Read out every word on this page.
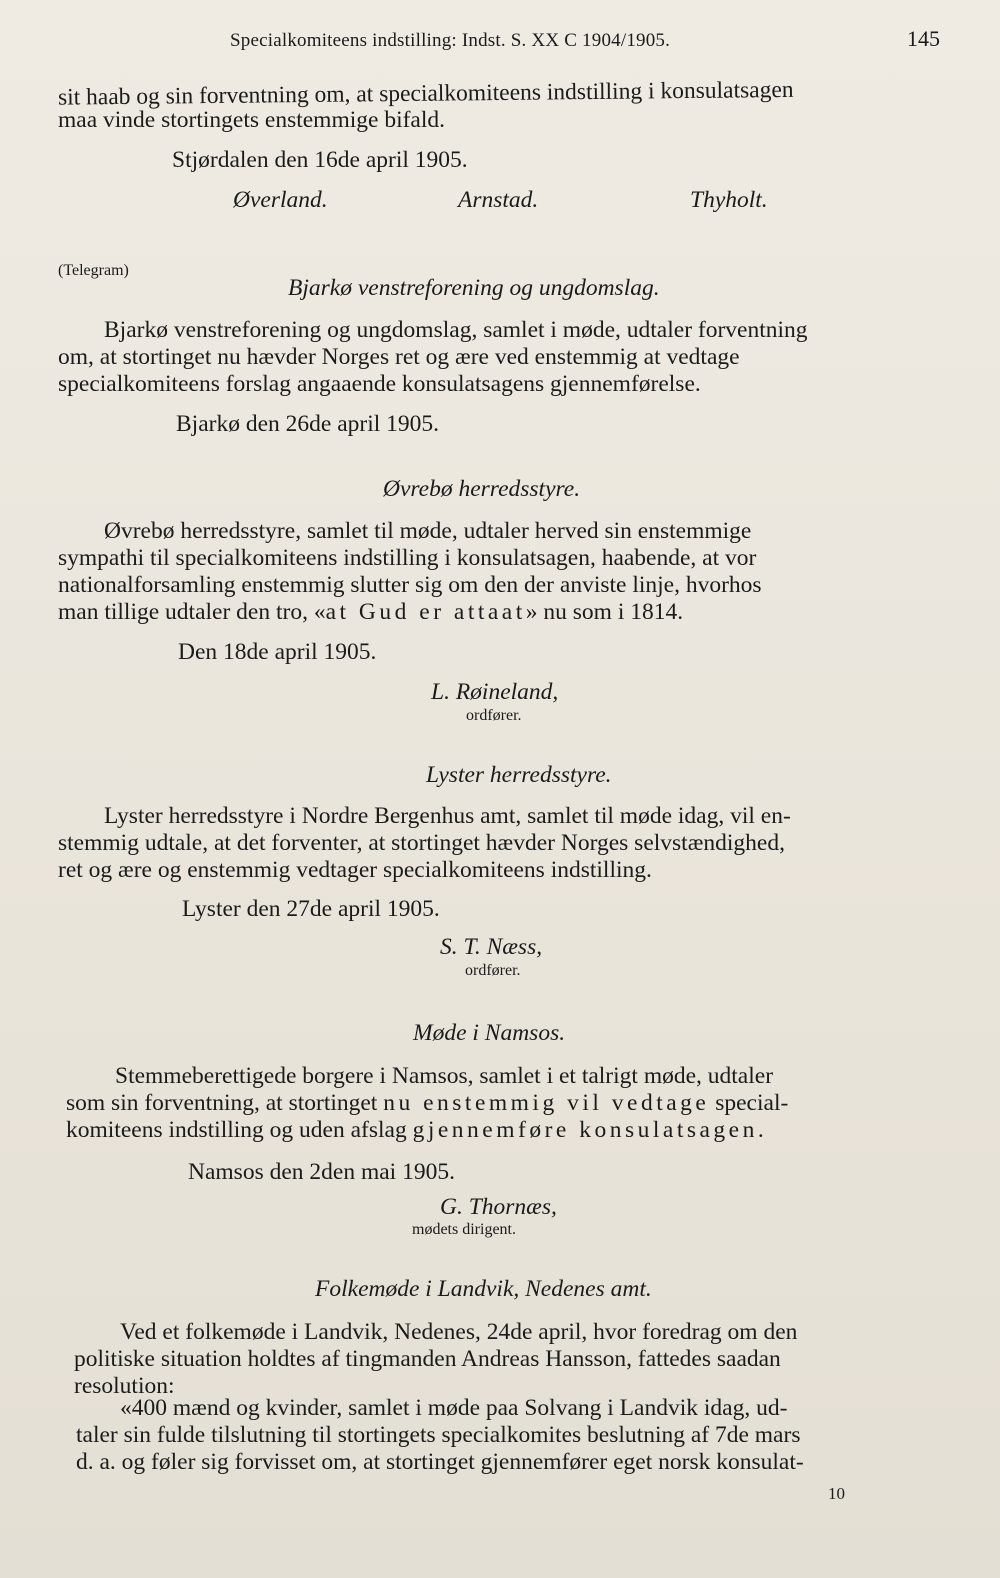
Specialkomiteens indstilling: Indst. S. XX C 1904/1905.	145
sit haab og sin forventning om, at specialkomiteens indstilling i konsulatsagen
maa vinde stortingets enstemmige bifald.
Stjørdalen den 16de april 1905.
Øverland.	Arnstad.	Thyholt.
(Telegram)
Bjarkø venstreforening og ungdomslag.
Bjarkø venstreforening og ungdomslag, samlet i møde, udtaler forventning
om, at stortinget nu hævder Norges ret og ære ved enstemmig at vedtage
specialkomiteens forslag angaaende konsulatsagens gjennemførelse.
Bjarkø den 26de april 1905.
Øvrebø herredsstyre.
Øvrebø herredsstyre, samlet til møde, udtaler herved sin enstemmige
sympathi til specialkomiteens indstilling i konsulatsagen, haabende, at vor
nationalforsamling enstemmig slutter sig om den der anviste linje, hvorhos
man tillige udtaler den tro, «at Gud er attaat» nu som i 1814.
Den 18de april 1905.
L. Røineland,
ordfører.
Lyster herredsstyre.
Lyster herredsstyre i Nordre Bergenhus amt, samlet til møde idag, vil en-
stemmig udtale, at det forventer, at stortinget hævder Norges selvstændighed,
ret og ære og enstemmig vedtager specialkomiteens indstilling.
Lyster den 27de april 1905.
S. T. Næss,
ordfører.
Møde i Namsos.
Stemmeberettigede borgere i Namsos, samlet i et talrigt møde, udtaler
som sin forventning, at stortinget nu enstemmig vil vedtage special-
komiteens indstilling og uden afslag gjennemføre konsulatsagen.
Namsos den 2den mai 1905.
G. Thornæs,
mødets dirigent.
Folkemøde i Landvik, Nedenes amt.
Ved et folkemøde i Landvik, Nedenes, 24de april, hvor foredrag om den
politiske situation holdtes af tingmanden Andreas Hansson, fattedes saadan
resolution:
«400 mænd og kvinder, samlet i møde paa Solvang i Landvik idag, ud-
taler sin fulde tilslutning til stortingets specialkomites beslutning af 7de mars
d. a. og føler sig forvisset om, at stortinget gjennemfører eget norsk konsulat-
10
